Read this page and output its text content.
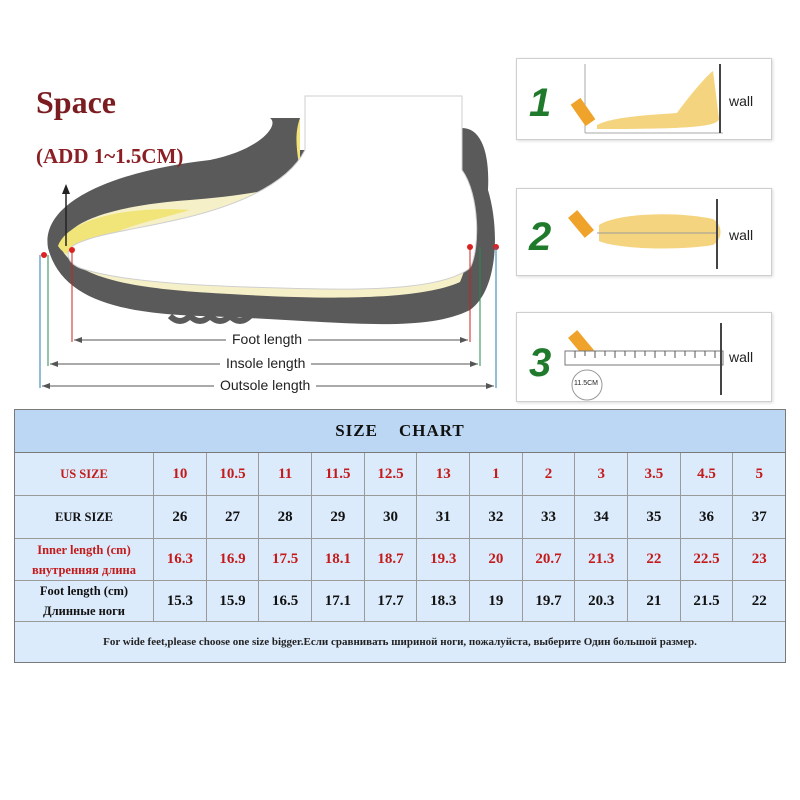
Space
(ADD 1~1.5CM)
Foot length
Insole length
Outsole length
1	wall
2	wall
3	11.5CM
wall
SIZE    CHART
US SIZE	10	10.5	11	11.5	12.5	13	1	2	3	3.5	4.5	5
EUR SIZE	26	27	28	29	30	31	32	33	34	35	36	37
Inner length (cm)
внутренняя длина
16.3	16.9	17.5	18.1	18.7	19.3	20	20.7	21.3	22	22.5	23
Foot length (cm)
Длинные ноги
15.3	15.9	16.5	17.1	17.7	18.3	19	19.7	20.3	21	21.5	22
For wide feet,please choose one size bigger.Если сравнивать шириной ноги, пожалуйста, выберите Один большой размер.
